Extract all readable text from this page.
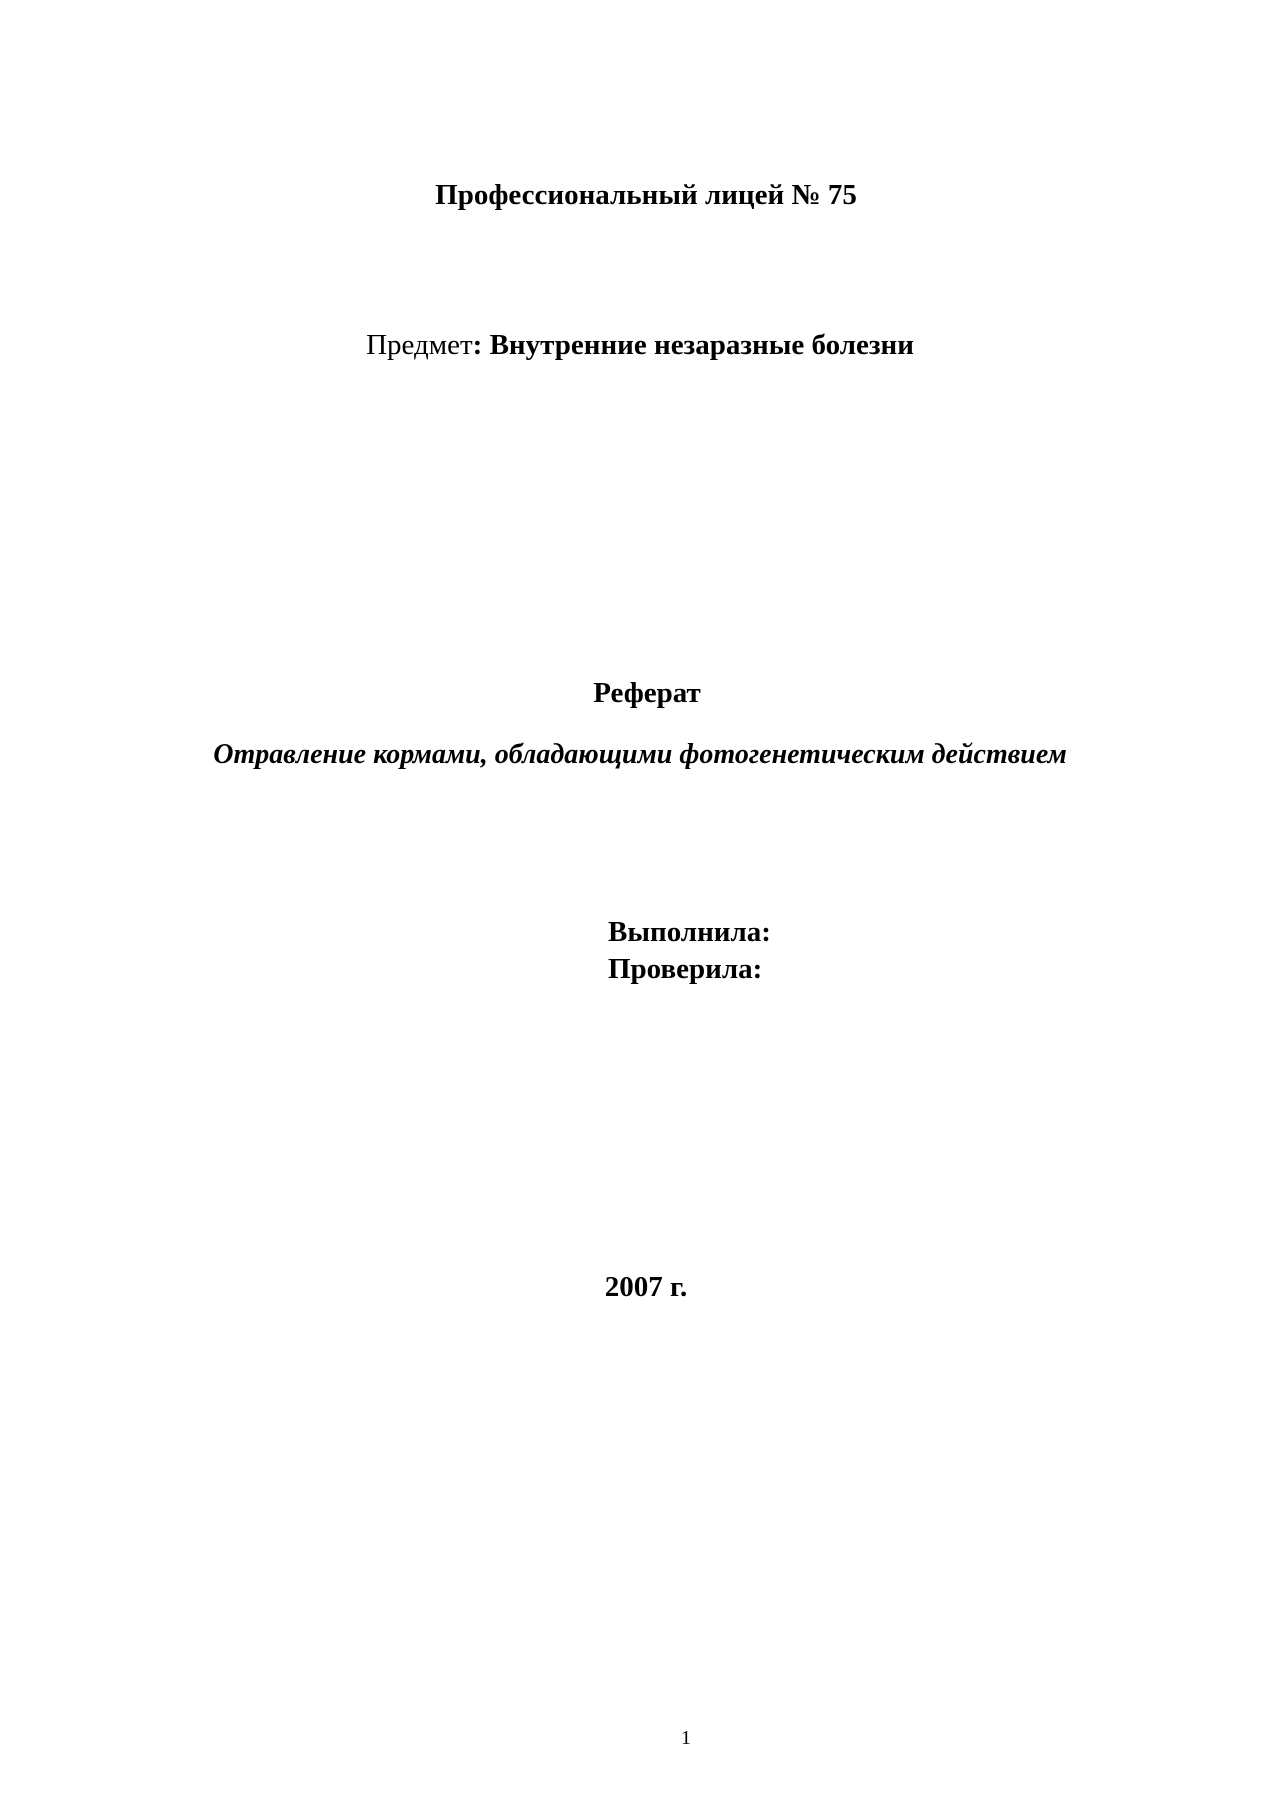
Профессиональный лицей № 75
Предмет: Внутренние незаразные болезни
Реферат
Отравление кормами, обладающими фотогенетическим действием
Выполнила:
Проверила:
2007 г.
1
